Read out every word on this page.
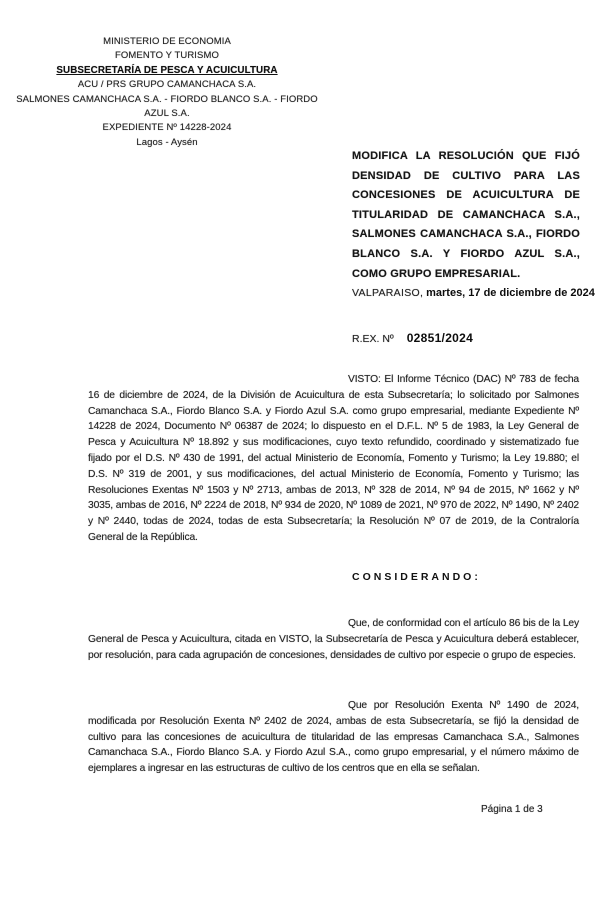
MINISTERIO DE ECONOMIA
FOMENTO Y TURISMO
SUBSECRETARÍA DE PESCA Y ACUICULTURA
ACU / PRS GRUPO CAMANCHACA S.A.
SALMONES CAMANCHACA S.A. - FIORDO BLANCO S.A. - FIORDO AZUL S.A.
EXPEDIENTE Nº 14228-2024
Lagos - Aysén
MODIFICA LA RESOLUCIÓN QUE FIJÓ DENSIDAD DE CULTIVO PARA LAS CONCESIONES DE ACUICULTURA DE TITULARIDAD DE CAMANCHACA S.A., SALMONES CAMANCHACA S.A., FIORDO BLANCO S.A. Y FIORDO AZUL S.A., COMO GRUPO EMPRESARIAL.
VALPARAISO, martes, 17 de diciembre de 2024
R.EX. Nº 02851/2024
VISTO: El Informe Técnico (DAC) Nº 783 de fecha 16 de diciembre de 2024, de la División de Acuicultura de esta Subsecretaría; lo solicitado por Salmones Camanchaca S.A., Fiordo Blanco S.A. y Fiordo Azul S.A. como grupo empresarial, mediante Expediente Nº 14228 de 2024, Documento Nº 06387 de 2024; lo dispuesto en el D.F.L. Nº 5 de 1983, la Ley General de Pesca y Acuicultura Nº 18.892 y sus modificaciones, cuyo texto refundido, coordinado y sistematizado fue fijado por el D.S. Nº 430 de 1991, del actual Ministerio de Economía, Fomento y Turismo; la Ley 19.880; el D.S. Nº 319 de 2001, y sus modificaciones, del actual Ministerio de Economía, Fomento y Turismo; las Resoluciones Exentas Nº 1503 y Nº 2713, ambas de 2013, Nº 328 de 2014, Nº 94 de 2015, Nº 1662 y Nº 3035, ambas de 2016, Nº 2224 de 2018, Nº 934 de 2020, Nº 1089 de 2021, Nº 970 de 2022, Nº 1490, Nº 2402 y Nº 2440, todas de 2024, todas de esta Subsecretaría; la Resolución Nº 07 de 2019, de la Contraloría General de la República.
CONSIDERANDO:
Que, de conformidad con el artículo 86 bis de la Ley General de Pesca y Acuicultura, citada en VISTO, la Subsecretaría de Pesca y Acuicultura deberá establecer, por resolución, para cada agrupación de concesiones, densidades de cultivo por especie o grupo de especies.
Que por Resolución Exenta Nº 1490 de 2024, modificada por Resolución Exenta Nº 2402 de 2024, ambas de esta Subsecretaría, se fijó la densidad de cultivo para las concesiones de acuicultura de titularidad de las empresas Camanchaca S.A., Salmones Camanchaca S.A., Fiordo Blanco S.A. y Fiordo Azul S.A., como grupo empresarial, y el número máximo de ejemplares a ingresar en las estructuras de cultivo de los centros que en ella se señalan.
Página 1 de 3
